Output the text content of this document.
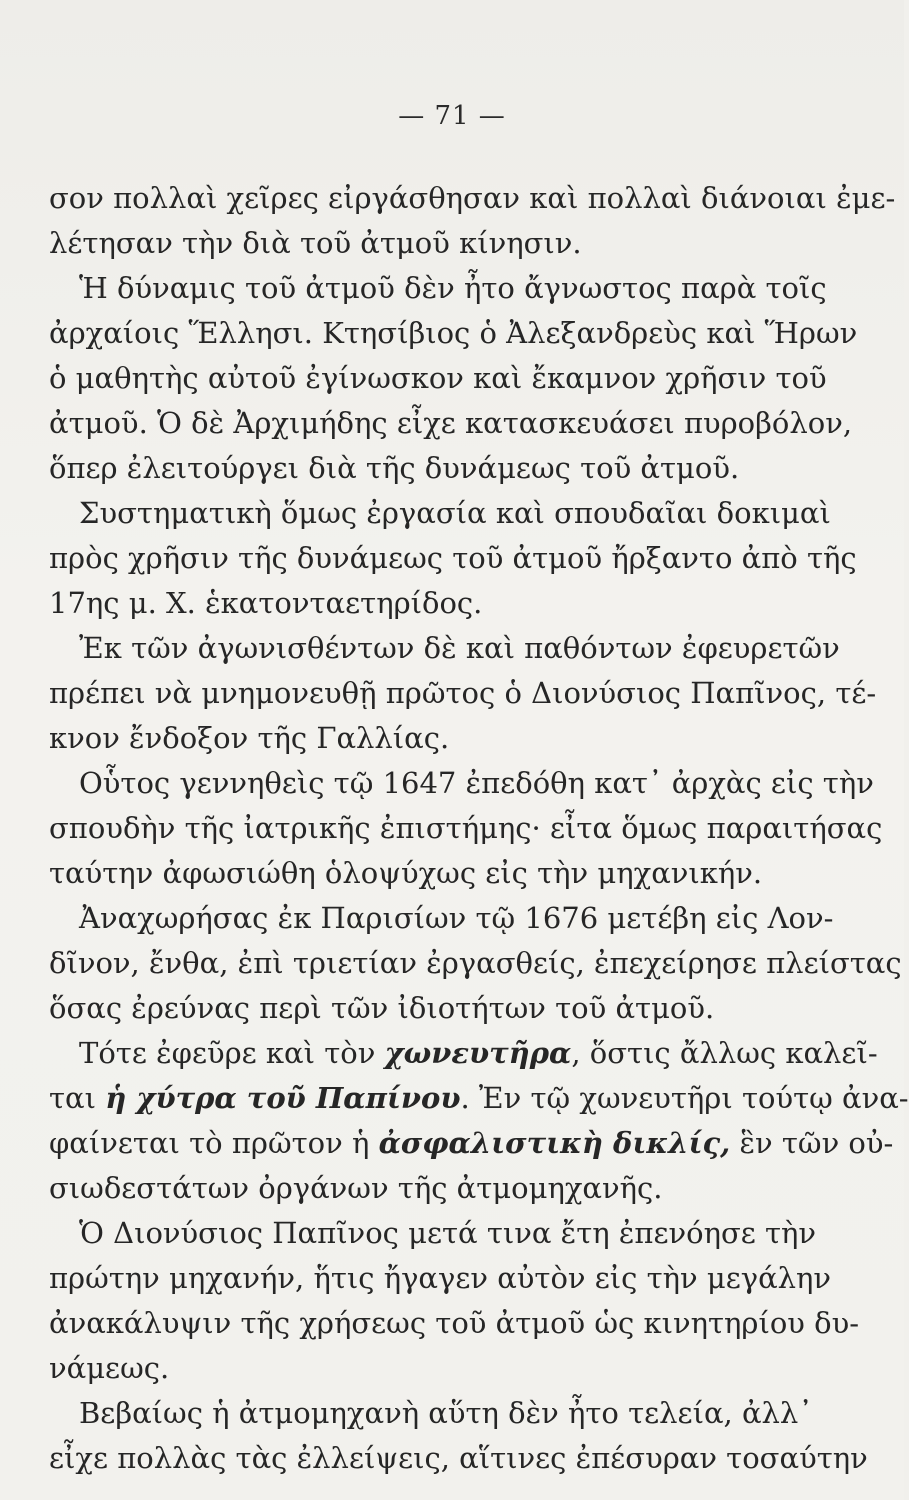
— 71 —
σον πολλαὶ χεῖρες εἰργάσθησαν καὶ πολλαὶ διάνοιαι ἐμε-
λέτησαν τὴν διὰ τοῦ ἀτμοῦ κίνησιν.
Ἡ δύναμις τοῦ ἀτμοῦ δὲν ἦτο ἄγνωστος παρὰ τοῖς
ἀρχαίοις Ἕλλησι. Κτησίβιος ὁ Ἀλεξανδρεὺς καὶ Ἥρων
ὁ μαθητὴς αὐτοῦ ἐγίνωσκον καὶ ἔκαμνον χρῆσιν τοῦ
ἀτμοῦ. Ὁ δὲ Ἀρχιμήδης εἶχε κατασκευάσει πυροβόλον,
ὅπερ ἐλειτούργει διὰ τῆς δυνάμεως τοῦ ἀτμοῦ.
Συστηματικὴ ὅμως ἐργασία καὶ σπουδαῖαι δοκιμαὶ
πρὸς χρῆσιν τῆς δυνάμεως τοῦ ἀτμοῦ ἤρξαντο ἀπὸ τῆς
17ης μ. Χ. ἑκατονταετηρίδος.
Ἐκ τῶν ἀγωνισθέντων δὲ καὶ παθόντων ἐφευρετῶν
πρέπει νὰ μνημονευθῇ πρῶτος ὁ Διονύσιος Παπῖνος, τέ-
κνον ἔνδοξον τῆς Γαλλίας.
Οὗτος γεννηθεὶς τῷ 1647 ἐπεδόθη κατ᾽ ἀρχὰς εἰς τὴν
σπουδὴν τῆς ἰατρικῆς ἐπιστήμης· εἶτα ὅμως παραιτήσας
ταύτην ἀφωσιώθη ὁλοψύχως εἰς τὴν μηχανικήν.
Ἀναχωρήσας ἐκ Παρισίων τῷ 1676 μετέβη εἰς Λον-
δῖνον, ἔνθα, ἐπὶ τριετίαν ἐργασθείς, ἐπεχείρησε πλείστας
ὅσας ἐρεύνας περὶ τῶν ἰδιοτήτων τοῦ ἀτμοῦ.
Τότε ἐφεῦρε καὶ τὸν χωνευτῆρα, ὅστις ἄλλως καλεῖ-
ται ἡ χύτρα τοῦ Παπίνου. Ἐν τῷ χωνευτῆρι τούτῳ ἀνα-
φαίνεται τὸ πρῶτον ἡ ἀσφαλιστικὴ δικλίς, ἓν τῶν οὐ-
σιωδεστάτων ὀργάνων τῆς ἀτμομηχανῆς.
Ὁ Διονύσιος Παπῖνος μετά τινα ἔτη ἐπενόησε τὴν
πρώτην μηχανήν, ἥτις ἤγαγεν αὐτὸν εἰς τὴν μεγάλην
ἀνακάλυψιν τῆς χρήσεως τοῦ ἀτμοῦ ὡς κινητηρίου δυ-
νάμεως.
Βεβαίως ἡ ἀτμομηχανὴ αὕτη δὲν ἦτο τελεία, ἀλλ᾽
εἶχε πολλὰς τὰς ἐλλείψεις, αἵτινες ἐπέσυραν τοσαύτην
